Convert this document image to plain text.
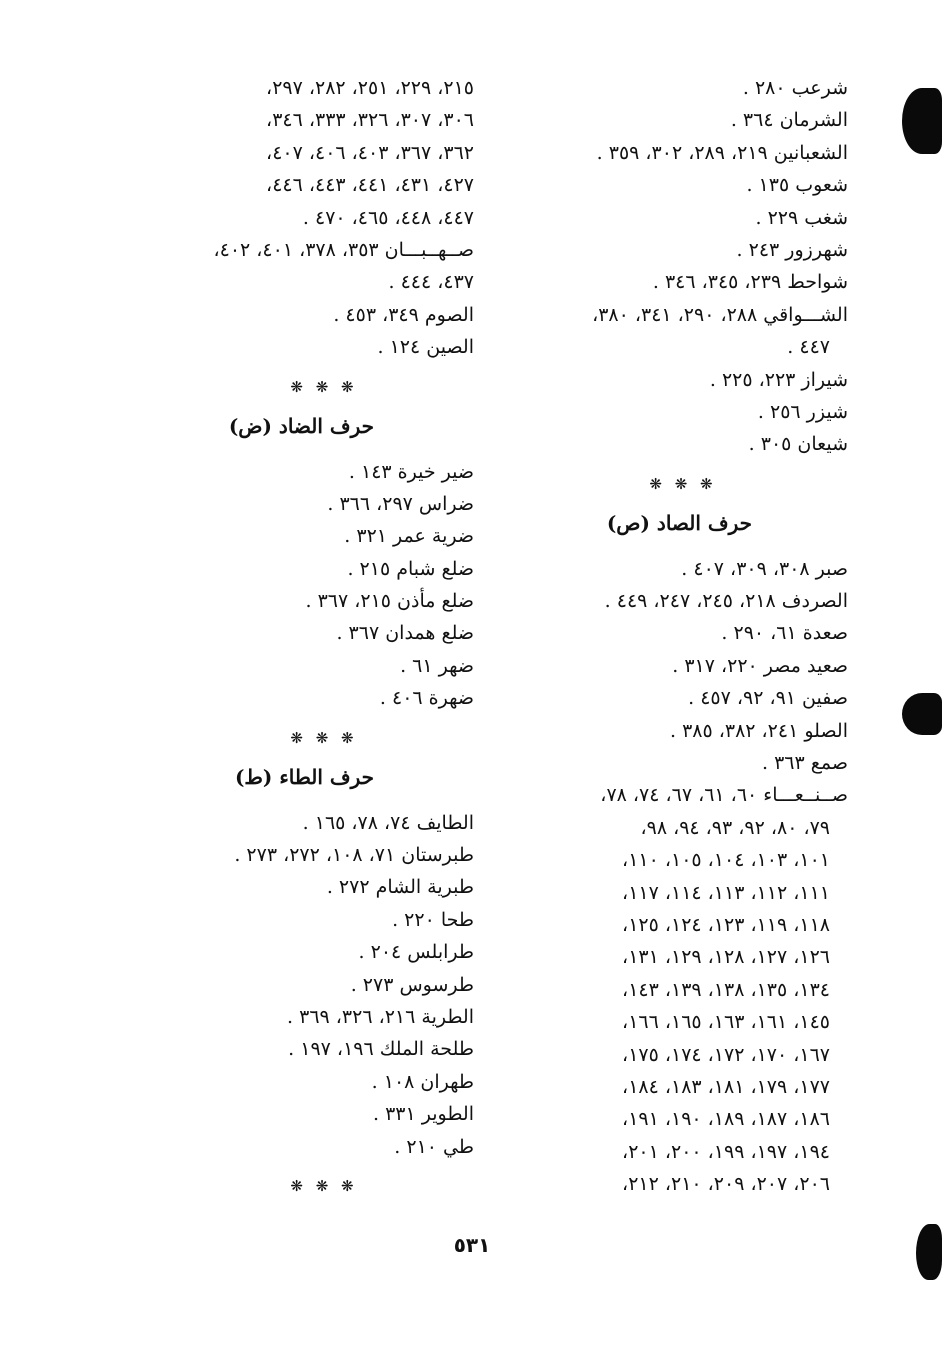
شرعب ٢٨٠ .
الشرمان ٣٦٤ .
الشعبانين ٢١٩، ٢٨٩، ٣٠٢، ٣٥٩ .
شعوب ١٣٥ .
شغب ٢٢٩ .
شهرزور ٢٤٣ .
شواحط ٢٣٩، ٣٤٥، ٣٤٦ .
الشـــواقي ٢٨٨، ٢٩٠، ٣٤١، ٣٨٠،
٤٤٧ .
شيراز ٢٢٣، ٢٢٥ .
شيزر ٢٥٦ .
شيعان ٣٠٥ .
❋ ❋ ❋
حرف الصاد (ص)
صبر ٣٠٨، ٣٠٩، ٤٠٧ .
الصردف ٢١٨، ٢٤٥، ٢٤٧، ٤٤٩ .
صعدة ٦١، ٢٩٠ .
صعيد مصر ٢٢٠، ٣١٧ .
صفين ٩١، ٩٢، ٤٥٧ .
الصلو ٢٤١، ٣٨٢، ٣٨٥ .
صمع ٣٦٣ .
صــنــعـــاء ٦٠، ٦١، ٦٧، ٧٤، ٧٨،
٧٩، ٨٠، ٩٢، ٩٣، ٩٤، ٩٨،
١٠١، ١٠٣، ١٠٤، ١٠٥، ١١٠،
١١١، ١١٢، ١١٣، ١١٤، ١١٧،
١١٨، ١١٩، ١٢٣، ١٢٤، ١٢٥،
١٢٦، ١٢٧، ١٢٨، ١٢٩، ١٣١،
١٣٤، ١٣٥، ١٣٨، ١٣٩، ١٤٣،
١٤٥، ١٦١، ١٦٣، ١٦٥، ١٦٦،
١٦٧، ١٧٠، ١٧٢، ١٧٤، ١٧٥،
١٧٧، ١٧٩، ١٨١، ١٨٣، ١٨٤،
١٨٦، ١٨٧، ١٨٩، ١٩٠، ١٩١،
١٩٤، ١٩٧، ١٩٩، ٢٠٠، ٢٠١،
٢٠٦، ٢٠٧، ٢٠٩، ٢١٠، ٢١٢،
٢١٥، ٢٢٩، ٢٥١، ٢٨٢، ٢٩٧،
٣٠٦، ٣٠٧، ٣٢٦، ٣٣٣، ٣٤٦،
٣٦٢، ٣٦٧، ٤٠٣، ٤٠٦، ٤٠٧،
٤٢٧، ٤٣١، ٤٤١، ٤٤٣، ٤٤٦،
٤٤٧، ٤٤٨، ٤٦٥، ٤٧٠ .
صــهــبـــان ٣٥٣، ٣٧٨، ٤٠١، ٤٠٢،
٤٣٧، ٤٤٤ .
الصوم ٣٤٩، ٤٥٣ .
الصين ١٢٤ .
❋ ❋ ❋
حرف الضاد (ض)
ضير خيرة ١٤٣ .
ضراس ٢٩٧، ٣٦٦ .
ضرية عمر ٣٢١ .
ضلع شبام ٢١٥ .
ضلع مأذن ٢١٥، ٣٦٧ .
ضلع همدان ٣٦٧ .
ضهر ٦١ .
ضهرة ٤٠٦ .
❋ ❋ ❋
حرف الطاء (ط)
الطايف ٧٤، ٧٨، ١٦٥ .
طبرستان ٧١، ١٠٨، ٢٧٢، ٢٧٣ .
طبرية الشام ٢٧٢ .
طحا ٢٢٠ .
طرابلس ٢٠٤ .
طرسوس ٢٧٣ .
الطرية ٢١٦، ٣٢٦، ٣٦٩ .
طلحة الملك ١٩٦، ١٩٧ .
طهران ١٠٨ .
الطوير ٣٣١ .
طي ٢١٠ .
❋ ❋ ❋
٥٣١
